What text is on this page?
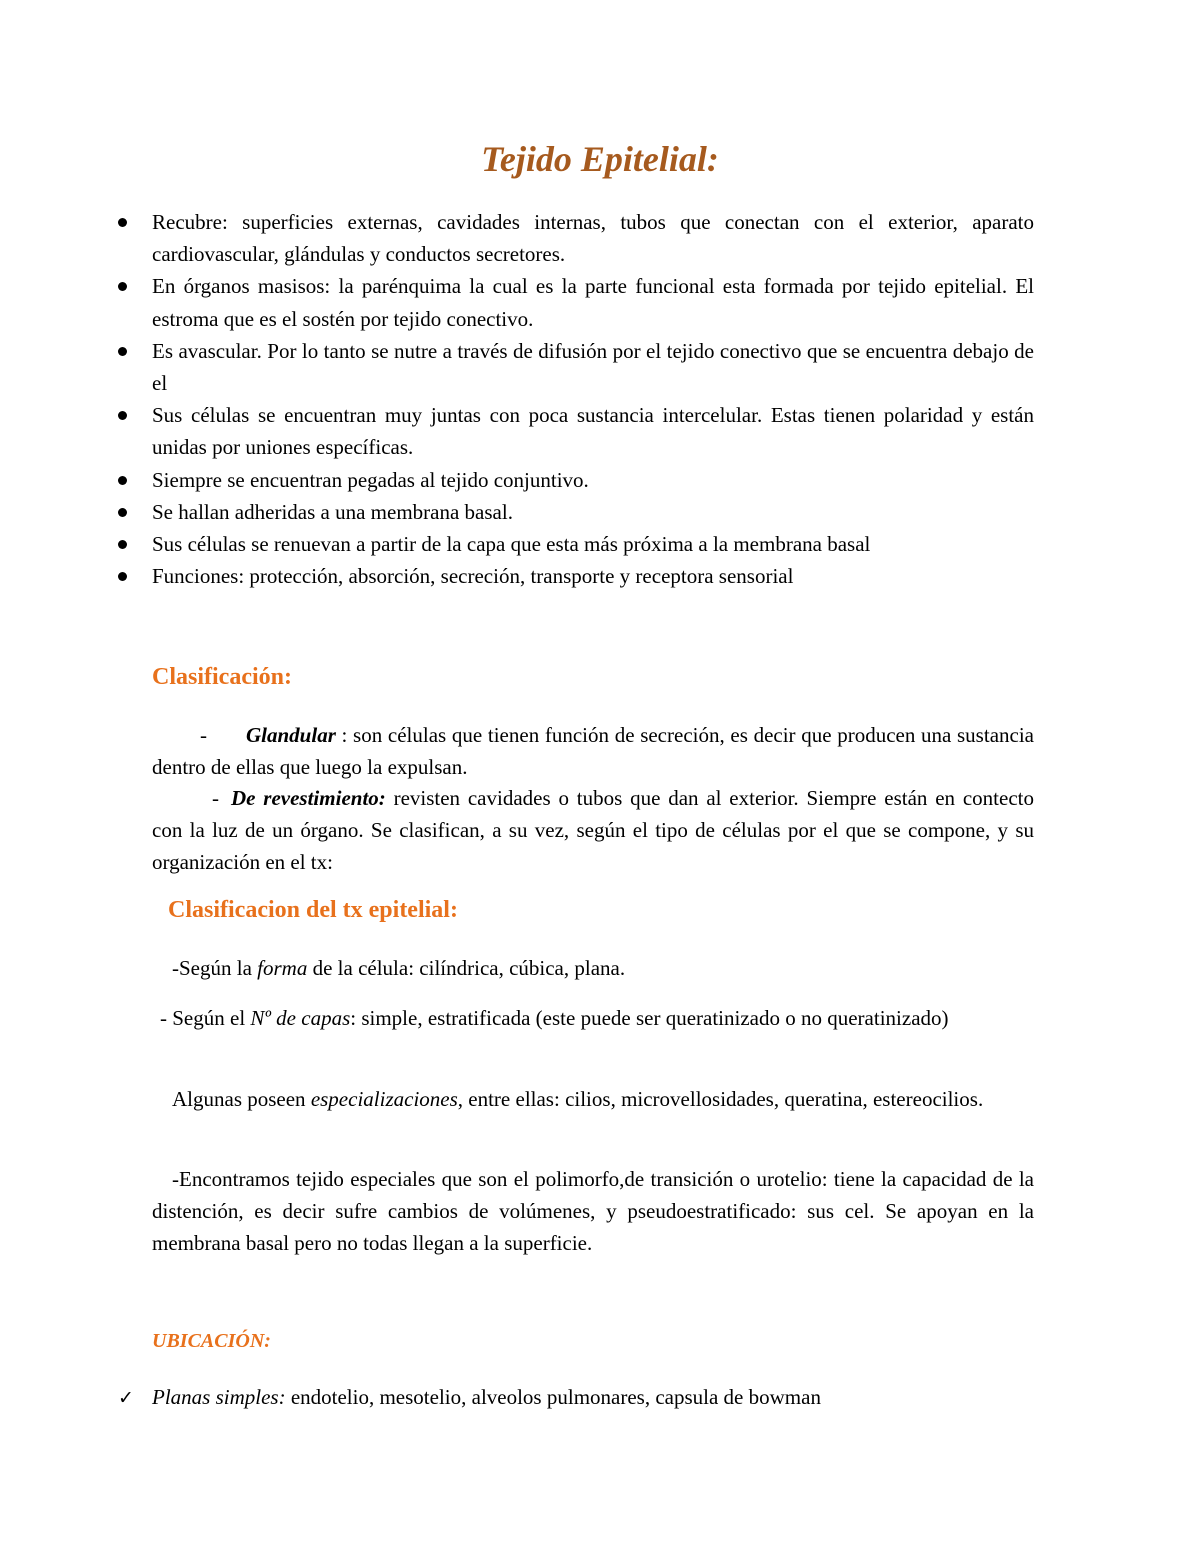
Tejido Epitelial:
Recubre: superficies externas, cavidades internas, tubos que conectan con el exterior, aparato cardiovascular, glándulas y conductos secretores.
En órganos masisos: la parénquima la cual es la parte funcional esta formada por tejido epitelial. El estroma que es el sostén por tejido conectivo.
Es avascular. Por lo tanto se nutre a través de difusión por el tejido conectivo que se encuentra debajo de el
Sus células se encuentran muy juntas con poca sustancia intercelular. Estas tienen polaridad y están unidas por uniones específicas.
Siempre se encuentran pegadas al tejido conjuntivo.
Se hallan adheridas a una membrana basal.
Sus células se renuevan a partir de la capa que esta más próxima a la membrana basal
Funciones: protección, absorción, secreción, transporte y receptora sensorial
Clasificación:

- Glandular : son células que tienen función de secreción, es decir que producen una sustancia dentro de ellas que luego la expulsan.

- De revestimiento: revisten cavidades o tubos que dan al exterior. Siempre están en contecto con la luz de un órgano. Se clasifican, a su vez, según el tipo de células por el que se compone, y su organización en el tx:

Clasificacion del tx epitelial:

-Según la forma de la célula: cilíndrica, cúbica, plana.

- Según el Nº de capas: simple, estratificada (este puede ser queratinizado o no queratinizado)

Algunas poseen especializaciones, entre ellas: cilios, microvellosidades, queratina, estereocilios.

-Encontramos tejido especiales que son el polimorfo,de transición o urotelio: tiene la capacidad de la distención, es decir sufre cambios de volúmenes, y pseudoestratificado: sus cel. Se apoyan en la membrana basal pero no todas llegan a la superficie.

UBICACIÓN:
✓ Planas simples: endotelio, mesotelio, alveolos pulmonares, capsula de bowman
